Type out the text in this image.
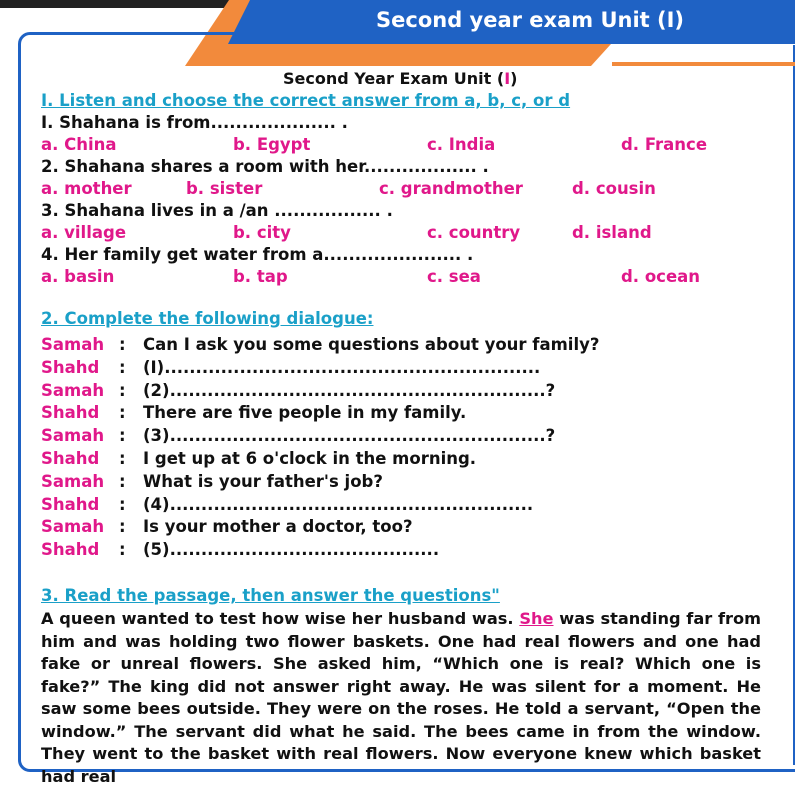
Second year exam Unit (I)
Second Year Exam Unit (I)
I. Listen and choose the correct answer from a, b, c, or d
I. Shahana is from.................... .
a. China	b. Egypt	c. India	d. France
2. Shahana shares a room with her.................. .
a. mother	b. sister	c. grandmother	d. cousin
3. Shahana lives in a /an ................. .
a. village	b. city	c. country	d. island
4. Her family get water from a...................... .
a. basin	b. tap	c. sea	d. ocean
2. Complete the following dialogue:
Samah : Can I ask you some questions about your family?
Shahd : (I)............................................................
Samah : (2)............................................................?
Shahd : There are five people in my family.
Samah : (3)............................................................?
Shahd : I get up at 6 o'clock in the morning.
Samah : What is your father's job?
Shahd : (4)..........................................................
Samah : Is your mother a doctor, too?
Shahd : (5)...........................................
3. Read the passage, then answer the questions"
A queen wanted to test how wise her husband was. She was standing far from him and was holding two flower baskets. One had real flowers and one had fake or unreal flowers. She asked him, “Which one is real? Which one is fake?” The king did not answer right away. He was silent for a moment. He saw some bees outside. They were on the roses. He told a servant, “Open the window.” The servant did what he said. The bees came in from the window. They went to the basket with real flowers. Now everyone knew which basket had real
